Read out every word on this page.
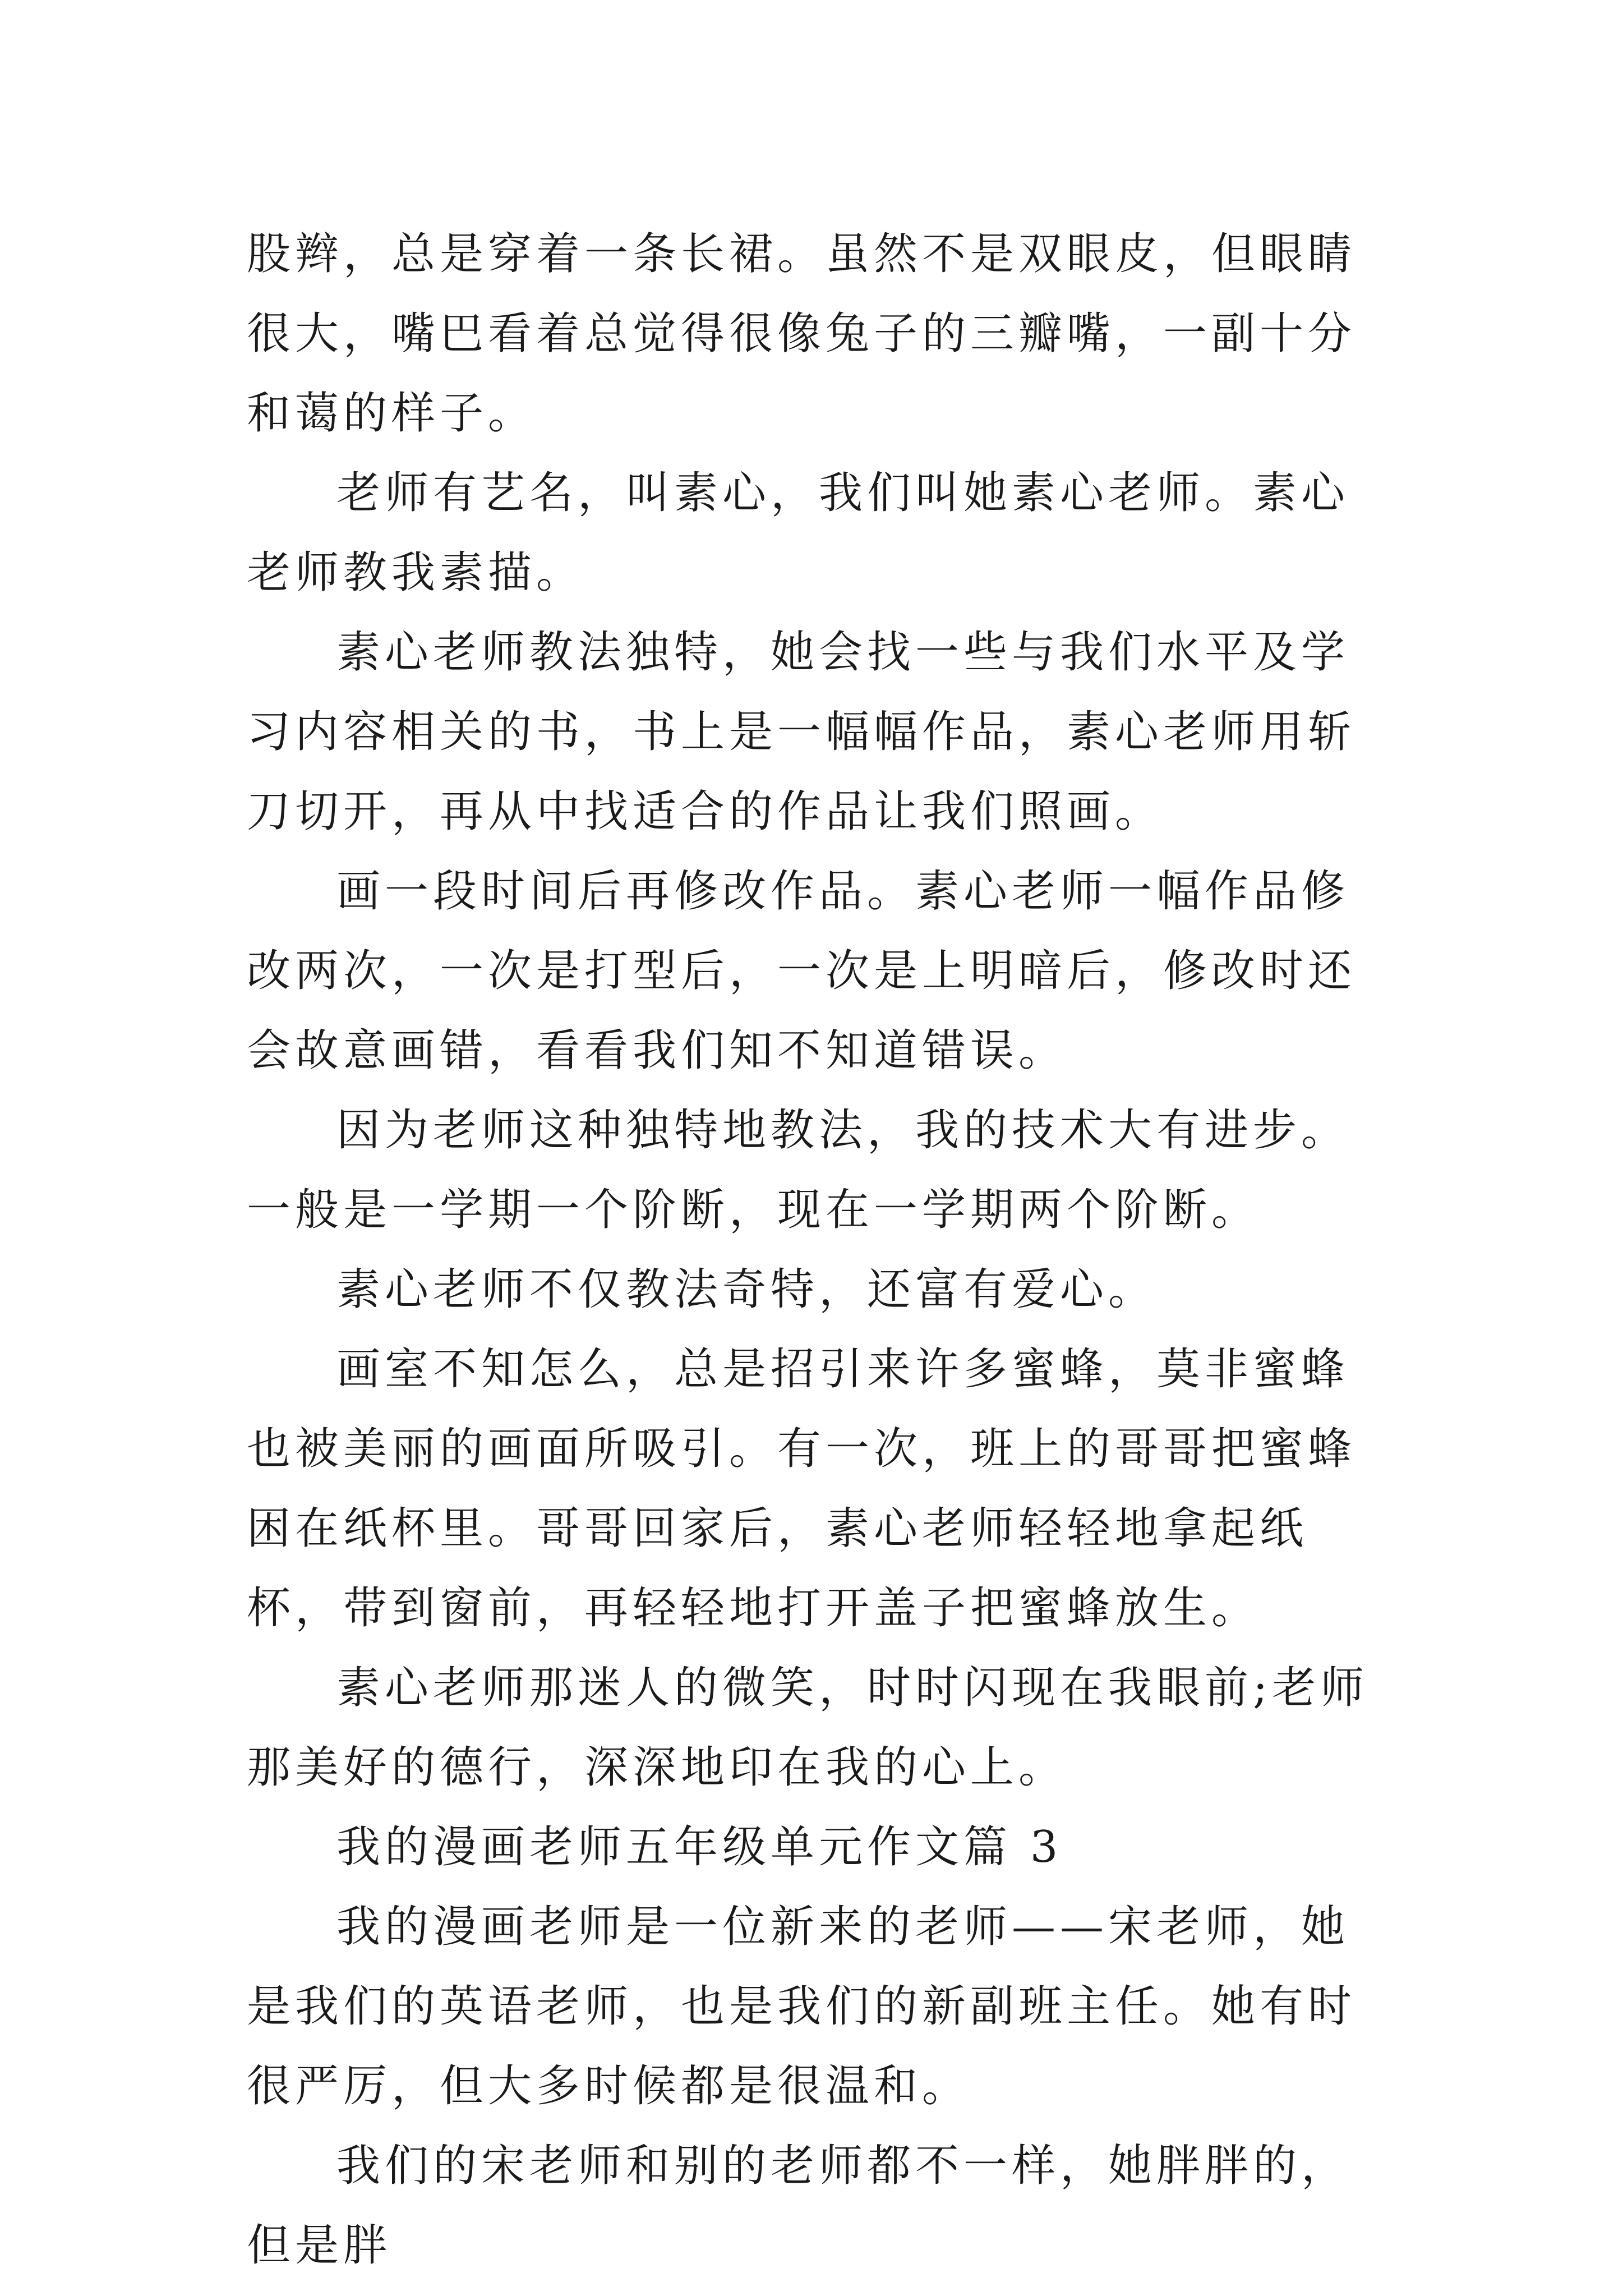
股辫，总是穿着一条长裙。虽然不是双眼皮，但眼睛很大，嘴巴看着总觉得很像兔子的三瓣嘴，一副十分和蔼的样子。

老师有艺名，叫素心，我们叫她素心老师。素心老师教我素描。

素心老师教法独特，她会找一些与我们水平及学习内容相关的书，书上是一幅幅作品，素心老师用斩刀切开，再从中找适合的作品让我们照画。

画一段时间后再修改作品。素心老师一幅作品修改两次，一次是打型后，一次是上明暗后，修改时还会故意画错，看看我们知不知道错误。

因为老师这种独特地教法，我的技术大有进步。一般是一学期一个阶断，现在一学期两个阶断。

素心老师不仅教法奇特，还富有爱心。

画室不知怎么，总是招引来许多蜜蜂，莫非蜜蜂也被美丽的画面所吸引。有一次，班上的哥哥把蜜蜂困在纸杯里。哥哥回家后，素心老师轻轻地拿起纸杯，带到窗前，再轻轻地打开盖子把蜜蜂放生。

素心老师那迷人的微笑，时时闪现在我眼前;老师那美好的德行，深深地印在我的心上。

我的漫画老师五年级单元作文篇 3

我的漫画老师是一位新来的老师——宋老师，她是我们的英语老师，也是我们的新副班主任。她有时很严厉，但大多时候都是很温和。

我们的宋老师和别的老师都不一样，她胖胖的，但是胖
